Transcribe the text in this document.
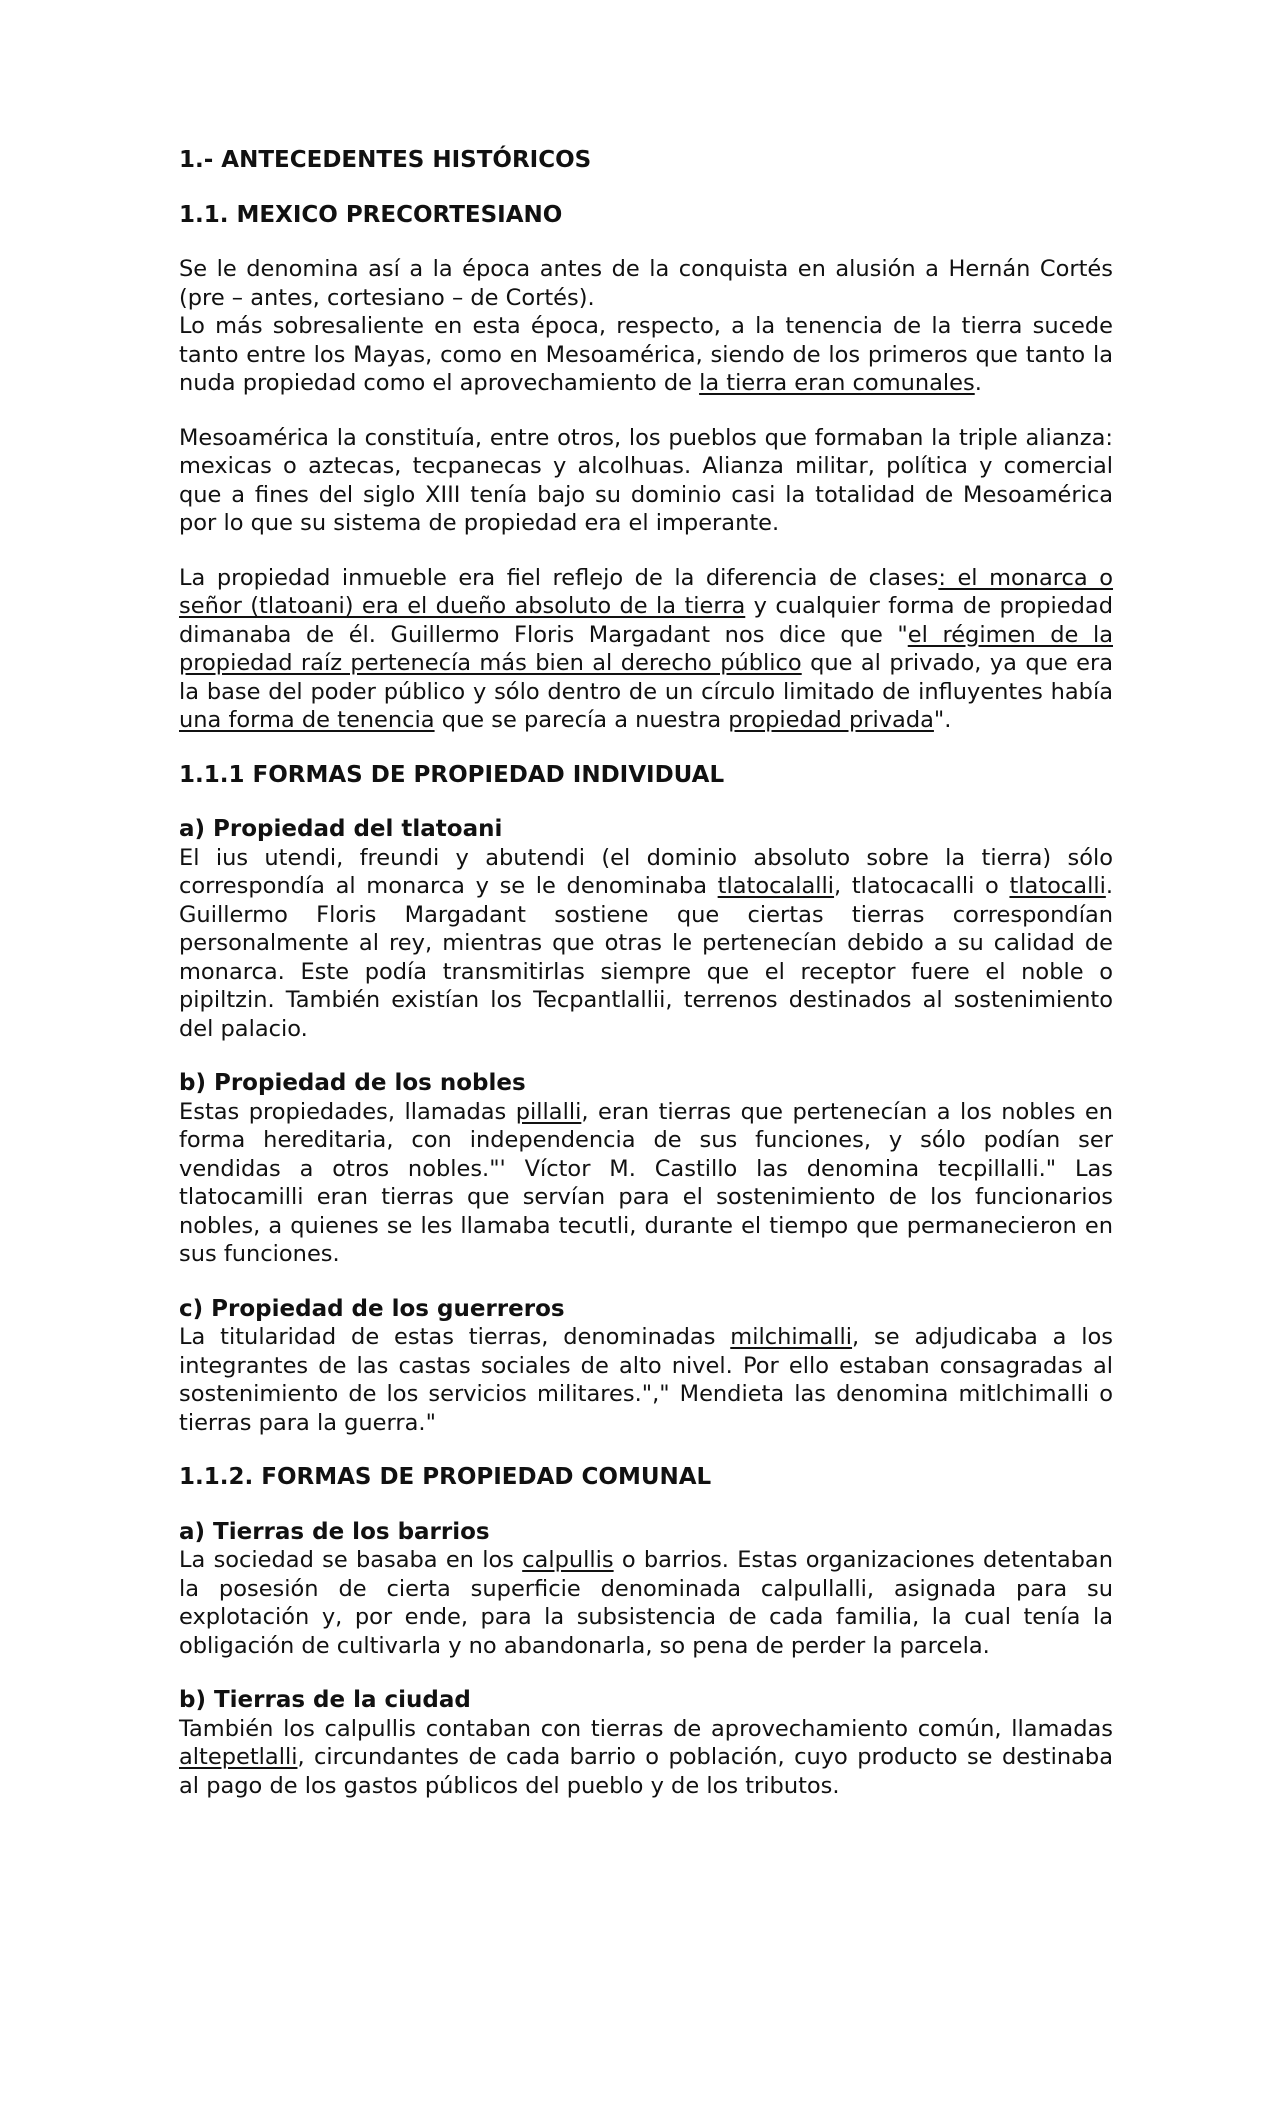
1.- ANTECEDENTES HISTÓRICOS
1.1. MEXICO PRECORTESIANO

Se le denomina así a la época antes de la conquista en alusión a Hernán Cortés (pre – antes, cortesiano – de Cortés).

Lo más sobresaliente en esta época, respecto, a la tenencia de la tierra sucede tanto entre los Mayas, como en Mesoamérica, siendo de los primeros que tanto la nuda propiedad como el aprovechamiento de la tierra eran comunales.

Mesoamérica la constituía, entre otros, los pueblos que formaban la triple alianza: mexicas o aztecas, tecpanecas y alcolhuas. Alianza militar, política y comercial que a fines del siglo XIII tenía bajo su dominio casi la totalidad de Mesoamérica por lo que su sistema de propiedad era el imperante.

La propiedad inmueble era fiel reflejo de la diferencia de clases: el monarca o señor (tlatoani) era el dueño absoluto de la tierra y cualquier forma de propiedad dimanaba de él. Guillermo Floris Margadant nos dice que "el régimen de la propiedad raíz pertenecía más bien al derecho público que al privado, ya que era la base del poder público y sólo dentro de un círculo limitado de influyentes había una forma de tenencia que se parecía a nuestra propiedad privada".

1.1.1 FORMAS DE PROPIEDAD INDIVIDUAL
a) Propiedad del tlatoani

El ius utendi, freundi y abutendi (el dominio absoluto sobre la tierra) sólo correspondía al monarca y se le denominaba tlatocalalli, tlatocacalli o tlatocalli. Guillermo Floris Margadant sostiene que ciertas tierras correspondían personalmente al rey, mientras que otras le pertenecían debido a su calidad de monarca. Este podía transmitirlas siempre que el receptor fuere el noble o pipiltzin. También existían los Tecpantlallii, terrenos destinados al sostenimiento del palacio.

b) Propiedad de los nobles

Estas propiedades, llamadas pillalli, eran tierras que pertenecían a los nobles en forma hereditaria, con independencia de sus funciones, y sólo podían ser vendidas a otros nobles."' Víctor M. Castillo las denomina tecpillalli." Las tlatocamilli eran tierras que servían para el sostenimiento de los funcionarios nobles, a quienes se les llamaba tecutli, durante el tiempo que permanecieron en sus funciones.

c) Propiedad de los guerreros

La titularidad de estas tierras, denominadas milchimalli, se adjudicaba a los integrantes de las castas sociales de alto nivel. Por ello estaban consagradas al sostenimiento de los servicios militares."," Mendieta las denomina mitlchimalli o tierras para la guerra."

1.1.2. FORMAS DE PROPIEDAD COMUNAL
a) Tierras de los barrios

La sociedad se basaba en los calpullis o barrios. Estas organizaciones detentaban la posesión de cierta superficie denominada calpullalli, asignada para su explotación y, por ende, para la subsistencia de cada familia, la cual tenía la obligación de cultivarla y no abandonarla, so pena de perder la parcela.

b) Tierras de la ciudad

También los calpullis contaban con tierras de aprovechamiento común, llamadas altepetlalli, circundantes de cada barrio o población, cuyo producto se destinaba al pago de los gastos públicos del pueblo y de los tributos.
